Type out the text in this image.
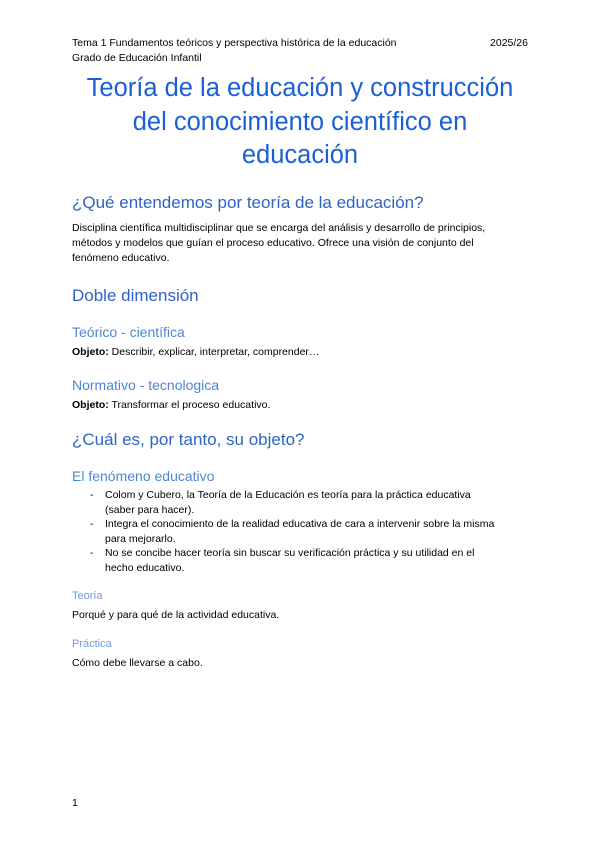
Tema 1 Fundamentos teóricos y perspectiva histórica de la educación	2025/26
Grado de Educación Infantil
Teoría de la educación y construcción
del conocimiento científico en
educación
¿Qué entendemos por teoría de la educación?

Disciplina científica multidisciplinar que se encarga del análisis y desarrollo de principios,
métodos y modelos que guían el proceso educativo. Ofrece una visión de conjunto del
fenómeno educativo.

Doble dimensión
Teórico - científica

Objeto: Describir, explicar, interpretar, comprender…

Normativo - tecnologica

Objeto: Transformar el proceso educativo.

¿Cuál es, por tanto, su objeto?
El fenómeno educativo
- Colom y Cubero, la Teoría de la Educación es teoría para la práctica educativa
(saber para hacer).
- Integra el conocimiento de la realidad educativa de cara a intervenir sobre la misma
para mejorarlo.
- No se concibe hacer teoría sin buscar su verificación práctica y su utilidad en el
hecho educativo.
Teoría

Porqué y para qué de la actividad educativa.

Práctica

Cómo debe llevarse a cabo.

1
